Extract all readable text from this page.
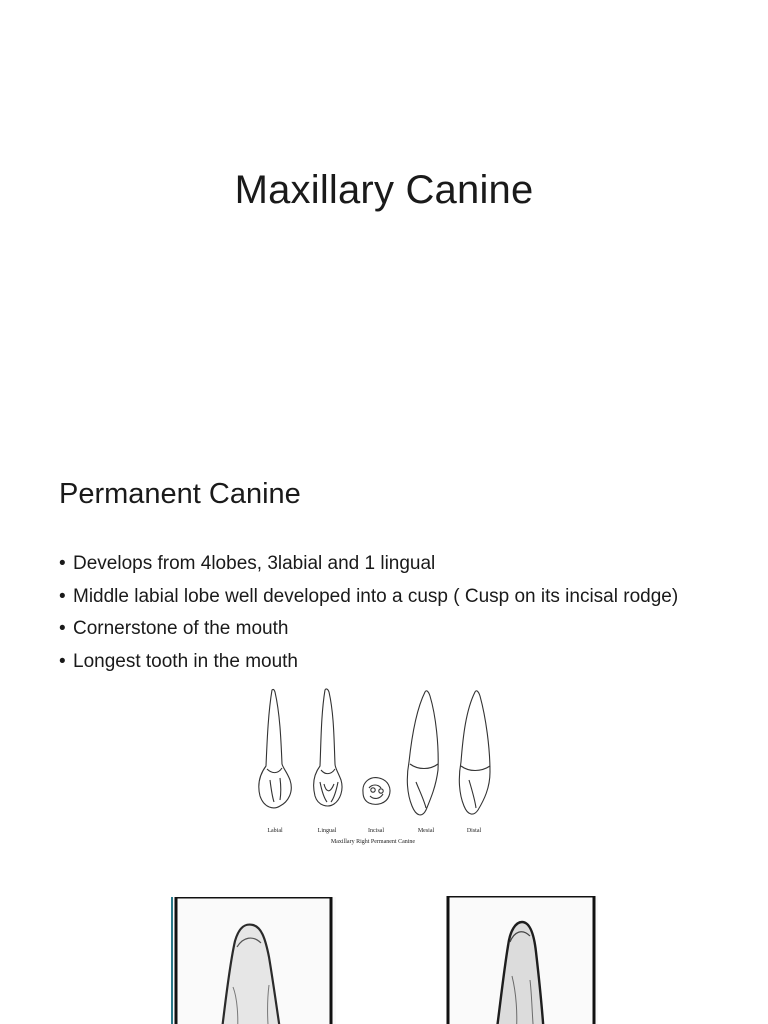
Maxillary Canine
Permanent Canine
• Develops from 4lobes, 3labial and 1 lingual
• Middle labial lobe well developed into a cusp ( Cusp on its incisal rodge)
• Cornerstone of the mouth
• Longest tooth in the mouth
Labial	Lingual	Incisal	Mesial	Distal
Maxillary Right Permanent Canine
